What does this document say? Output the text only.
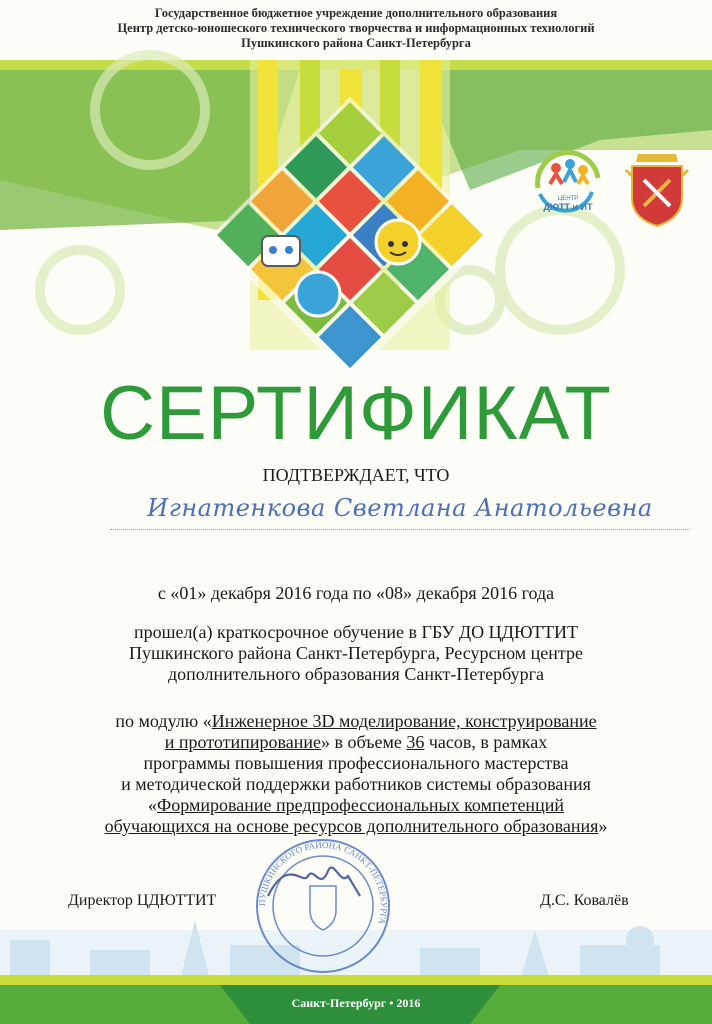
Государственное бюджетное учреждение дополнительного образования
Центр детско-юношеского технического творчества и информационных технологий
Пушкинского района Санкт-Петербурга
ЦЕНТР
ДЮТТ и ИТ
СЕРТИФИКАТ
ПОДТВЕРЖДАЕТ, ЧТО
Игнатенкова Светлана Анатольевна
с «01» декабря 2016 года по «08» декабря 2016 года
прошел(а) краткосрочное обучение в ГБУ ДО ЦДЮТТИТ
Пушкинского района Санкт-Петербурга, Ресурсном центре
дополнительного образования Санкт-Петербурга
по модулю «Инженерное 3D моделирование, конструирование
и прототипирование» в объеме 36 часов, в рамках
программы повышения профессионального мастерства
и методической поддержки работников системы образования
«Формирование предпрофессиональных компетенций
обучающихся на основе ресурсов дополнительного образования»
Директор ЦДЮТТИТ	Д.С. Ковалёв
ПУШКИНСКОГО РАЙОНА САНКТ-ПЕТЕРБУРГА
Санкт-Петербург • 2016
